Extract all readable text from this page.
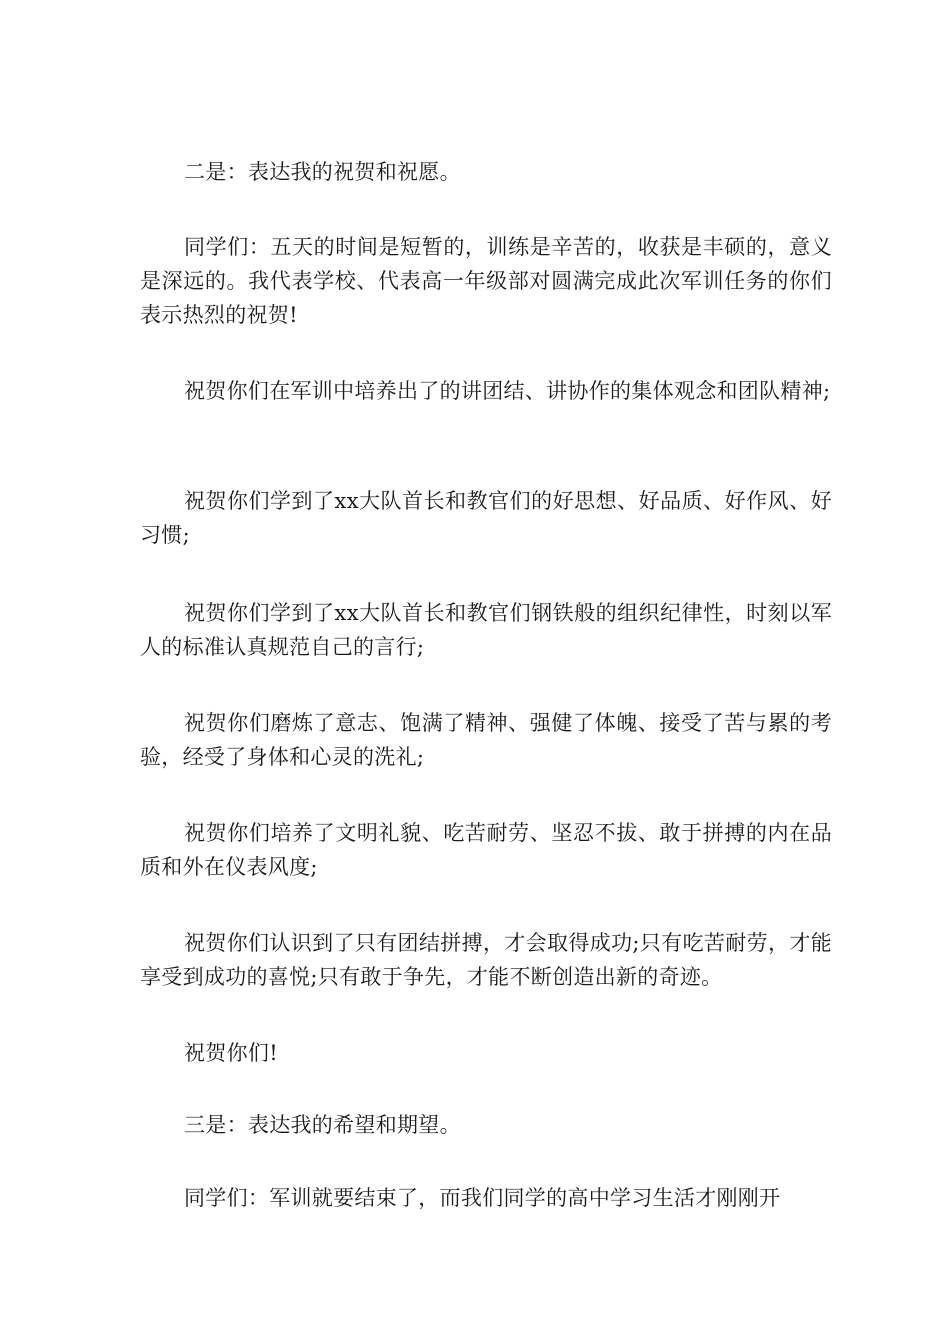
二是：表达我的祝贺和祝愿。

同学们：五天的时间是短暂的，训练是辛苦的，收获是丰硕的，意义是深远的。我代表学校、代表高一年级部对圆满完成此次军训任务的你们表示热烈的祝贺!

祝贺你们在军训中培养出了的讲团结、讲协作的集体观念和团队精神;

祝贺你们学到了xx大队首长和教官们的好思想、好品质、好作风、好习惯;

祝贺你们学到了xx大队首长和教官们钢铁般的组织纪律性，时刻以军人的标准认真规范自己的言行;

祝贺你们磨炼了意志、饱满了精神、强健了体魄、接受了苦与累的考验，经受了身体和心灵的洗礼;

祝贺你们培养了文明礼貌、吃苦耐劳、坚忍不拔、敢于拼搏的内在品质和外在仪表风度;

祝贺你们认识到了只有团结拼搏，才会取得成功;只有吃苦耐劳，才能享受到成功的喜悦;只有敢于争先，才能不断创造出新的奇迹。

祝贺你们!

三是：表达我的希望和期望。

同学们：军训就要结束了，而我们同学的高中学习生活才刚刚开
